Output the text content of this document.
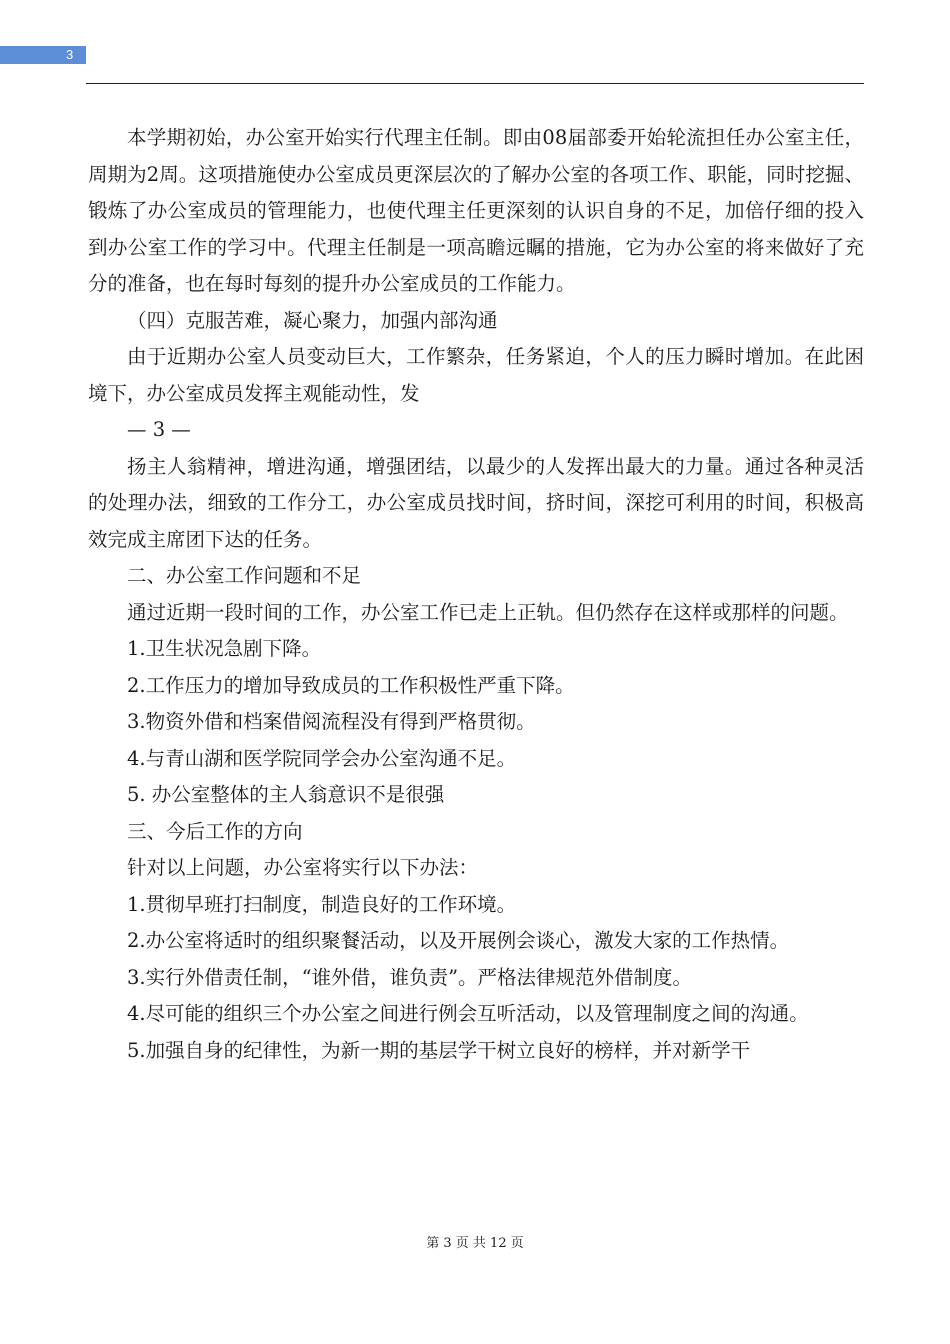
3

本学期初始，办公室开始实行代理主任制。即由08届部委开始轮流担任办公室主任，周期为2周。这项措施使办公室成员更深层次的了解办公室的各项工作、职能，同时挖掘、锻炼了办公室成员的管理能力，也使代理主任更深刻的认识自身的不足，加倍仔细的投入到办公室工作的学习中。代理主任制是一项高瞻远瞩的措施，它为办公室的将来做好了充分的准备，也在每时每刻的提升办公室成员的工作能力。

（四）克服苦难，凝心聚力，加强内部沟通

由于近期办公室人员变动巨大，工作繁杂，任务紧迫，个人的压力瞬时增加。在此困境下，办公室成员发挥主观能动性，发

— 3 —

扬主人翁精神，增进沟通，增强团结，以最少的人发挥出最大的力量。通过各种灵活的处理办法，细致的工作分工，办公室成员找时间，挤时间，深挖可利用的时间，积极高效完成主席团下达的任务。

二、办公室工作问题和不足

通过近期一段时间的工作，办公室工作已走上正轨。但仍然存在这样或那样的问题。

1.卫生状况急剧下降。

2.工作压力的增加导致成员的工作积极性严重下降。

3.物资外借和档案借阅流程没有得到严格贯彻。

4.与青山湖和医学院同学会办公室沟通不足。

5. 办公室整体的主人翁意识不是很强

三、今后工作的方向

针对以上问题，办公室将实行以下办法：

1.贯彻早班打扫制度，制造良好的工作环境。

2.办公室将适时的组织聚餐活动，以及开展例会谈心，激发大家的工作热情。

3.实行外借责任制，“谁外借，谁负责”。严格法律规范外借制度。

4.尽可能的组织三个办公室之间进行例会互听活动，以及管理制度之间的沟通。

5.加强自身的纪律性，为新一期的基层学干树立良好的榜样，并对新学干

第 3 页 共 12 页
